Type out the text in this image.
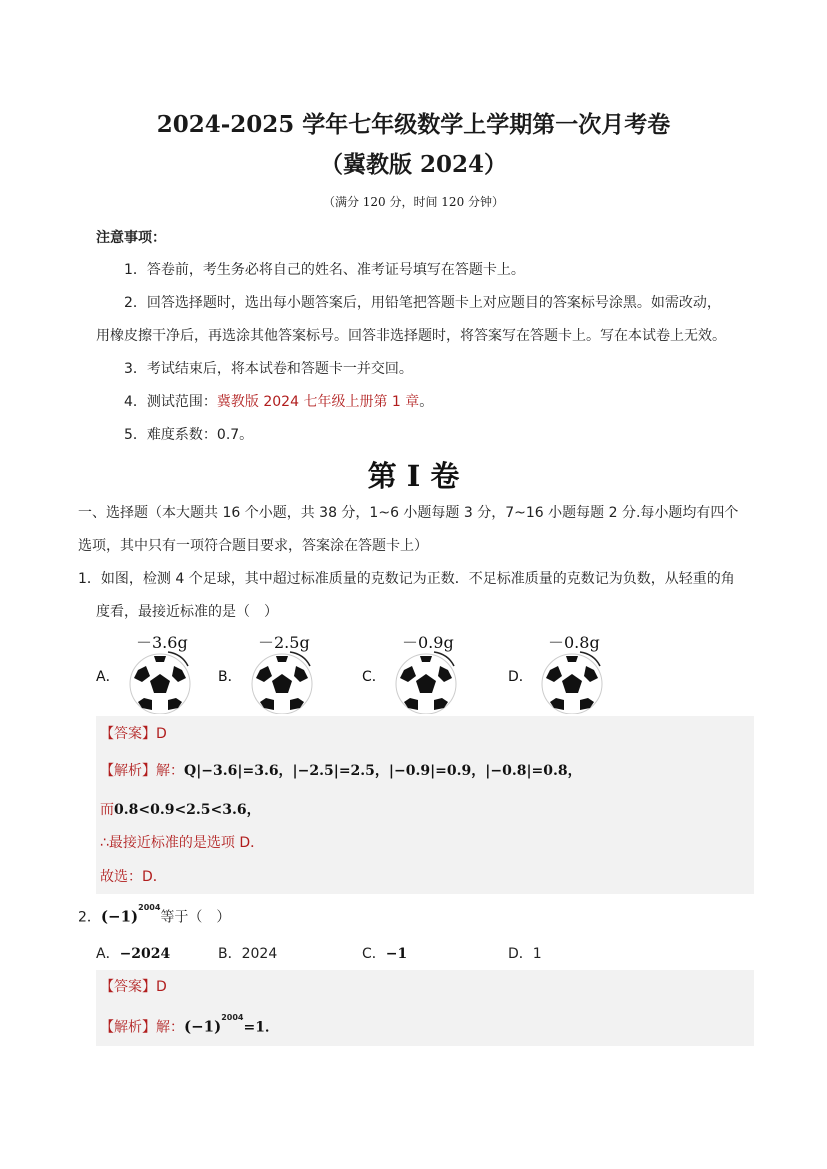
2024-2025 学年七年级数学上学期第一次月考卷
（冀教版 2024）
（满分 120 分，时间 120 分钟）
注意事项：
1．答卷前，考生务必将自己的姓名、准考证号填写在答题卡上。
2．回答选择题时，选出每小题答案后，用铅笔把答题卡上对应题目的答案标号涂黑。如需改动，
用橡皮擦干净后，再选涂其他答案标号。回答非选择题时，将答案写在答题卡上。写在本试卷上无效。
3．考试结束后，将本试卷和答题卡一并交回。
4．测试范围：冀教版 2024 七年级上册第 1 章。
5．难度系数：0.7。
第 I 卷
一、选择题（本大题共 16 个小题，共 38 分，1~6 小题每题 3 分，7~16 小题每题 2 分.每小题均有四个
选项，其中只有一项符合题目要求，答案涂在答题卡上）
1．如图，检测 4 个足球，其中超过标准质量的克数记为正数．不足标准质量的克数记为负数，从轻重的角
度看，最接近标准的是（　）
A．
－3.6g
B．
－2.5g
C．
－0.9g
D．
－0.8g
【答案】D
【解析】解：Q|−3.6|=3.6，|−2.5|=2.5，|−0.9|=0.9，|−0.8|=0.8，
而0.8<0.9<2.5<3.6，
∴最接近标准的是选项 D．
故选：D．
2．$(-1)^{2004}$等于（　）
A．−2024	B．2024	C．−1	D．1
【答案】D
【解析】解：$(-1)^{2004}=1$．
